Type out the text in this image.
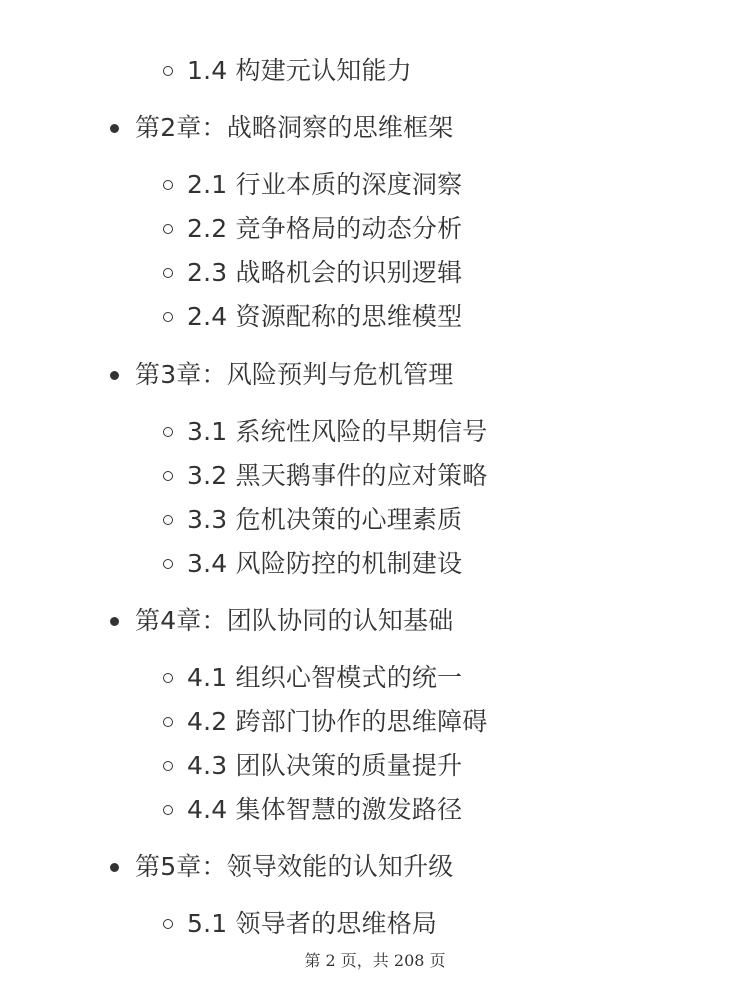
1.4 构建元认知能力
第2章：战略洞察的思维框架
2.1 行业本质的深度洞察
2.2 竞争格局的动态分析
2.3 战略机会的识别逻辑
2.4 资源配称的思维模型
第3章：风险预判与危机管理
3.1 系统性风险的早期信号
3.2 黑天鹅事件的应对策略
3.3 危机决策的心理素质
3.4 风险防控的机制建设
第4章：团队协同的认知基础
4.1 组织心智模式的统一
4.2 跨部门协作的思维障碍
4.3 团队决策的质量提升
4.4 集体智慧的激发路径
第5章：领导效能的认知升级
5.1 领导者的思维格局
第 2 页，共 208 页
